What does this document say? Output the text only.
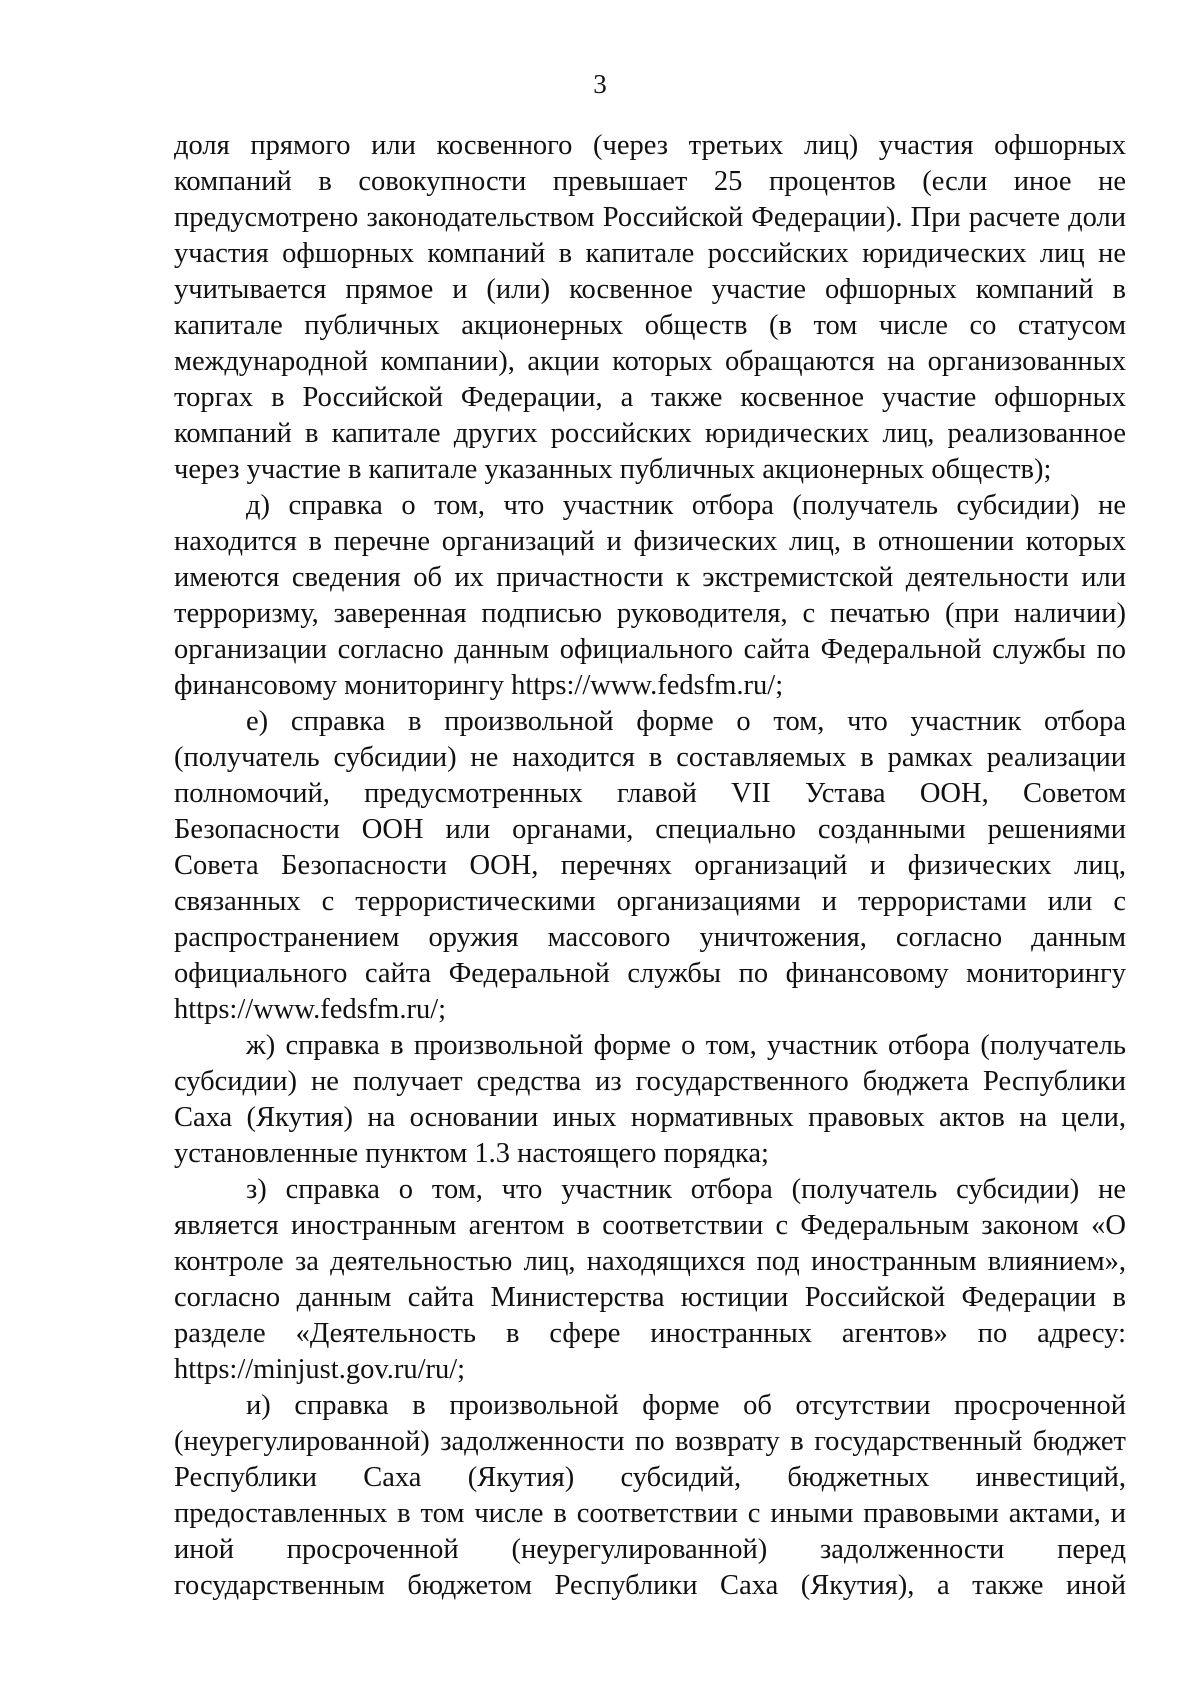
3

доля прямого или косвенного (через третьих лиц) участия офшорных компаний в совокупности превышает 25 процентов (если иное не предусмотрено законодательством Российской Федерации). При расчете доли участия офшорных компаний в капитале российских юридических лиц не учитывается прямое и (или) косвенное участие офшорных компаний в капитале публичных акционерных обществ (в том числе со статусом международной компании), акции которых обращаются на организованных торгах в Российской Федерации, а также косвенное участие офшорных компаний в капитале других российских юридических лиц, реализованное через участие в капитале указанных публичных акционерных обществ);

д) справка о том, что участник отбора (получатель субсидии) не находится в перечне организаций и физических лиц, в отношении которых имеются сведения об их причастности к экстремистской деятельности или терроризму, заверенная подписью руководителя, с печатью (при наличии) организации согласно данным официального сайта Федеральной службы по финансовому мониторингу https://www.fedsfm.ru/;

е) справка в произвольной форме о том, что участник отбора (получатель субсидии) не находится в составляемых в рамках реализации полномочий, предусмотренных главой VII Устава ООН, Советом Безопасности ООН или органами, специально созданными решениями Совета Безопасности ООН, перечнях организаций и физических лиц, связанных с террористическими организациями и террористами или с распространением оружия массового уничтожения, согласно данным официального сайта Федеральной службы по финансовому мониторингу https://www.fedsfm.ru/;

ж) справка в произвольной форме о том, участник отбора (получатель субсидии) не получает средства из государственного бюджета Республики Саха (Якутия) на основании иных нормативных правовых актов на цели, установленные пунктом 1.3 настоящего порядка;

з) справка о том, что участник отбора (получатель субсидии) не является иностранным агентом в соответствии с Федеральным законом «О контроле за деятельностью лиц, находящихся под иностранным влиянием», согласно данным сайта Министерства юстиции Российской Федерации в разделе «Деятельность в сфере иностранных агентов» по адресу: https://minjust.gov.ru/ru/;

и) справка в произвольной форме об отсутствии просроченной (неурегулированной) задолженности по возврату в государственный бюджет Республики Саха (Якутия) субсидий, бюджетных инвестиций, предоставленных в том числе в соответствии с иными правовыми актами, и иной просроченной (неурегулированной) задолженности перед государственным бюджетом Республики Саха (Якутия), а также иной
